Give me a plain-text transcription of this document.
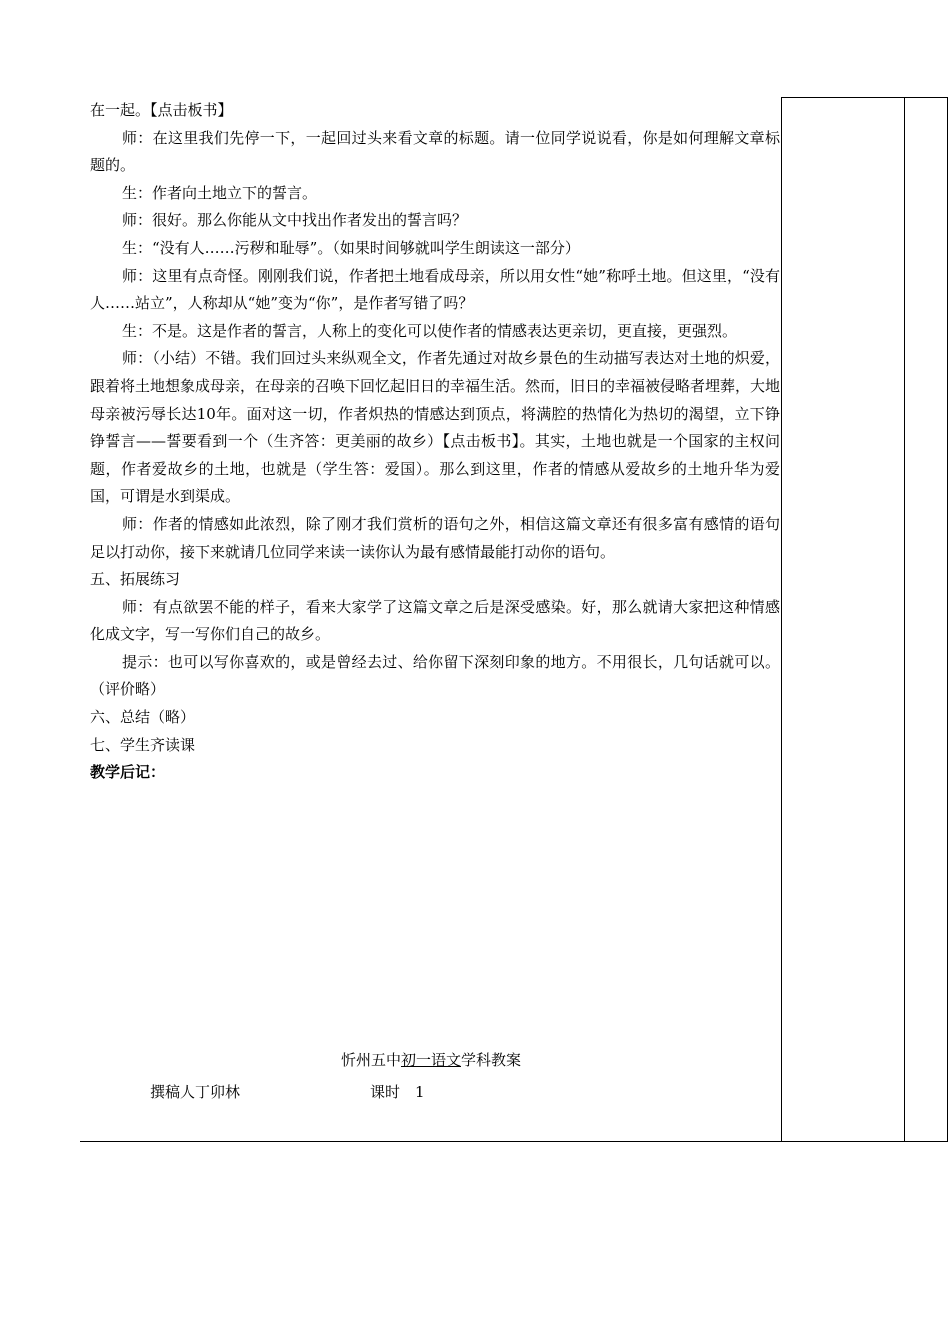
在一起。【点击板书】

师：在这里我们先停一下，一起回过头来看文章的标题。请一位同学说说看，你是如何理解文章标题的。

生：作者向土地立下的誓言。

师：很好。那么你能从文中找出作者发出的誓言吗？

生：“没有人……污秽和耻辱”。（如果时间够就叫学生朗读这一部分）

师：这里有点奇怪。刚刚我们说，作者把土地看成母亲，所以用女性“她”称呼土地。但这里，“没有人……站立”，人称却从“她”变为“你”，是作者写错了吗？

生：不是。这是作者的誓言，人称上的变化可以使作者的情感表达更亲切，更直接，更强烈。

师：（小结）不错。我们回过头来纵观全文，作者先通过对故乡景色的生动描写表达对土地的炽爱，跟着将土地想象成母亲，在母亲的召唤下回忆起旧日的幸福生活。然而，旧日的幸福被侵略者埋葬，大地母亲被污辱长达10年。面对这一切，作者炽热的情感达到顶点，将满腔的热情化为热切的渴望，立下铮铮誓言——誓要看到一个（生齐答：更美丽的故乡）【点击板书】。其实，土地也就是一个国家的主权问题，作者爱故乡的土地，也就是（学生答：爱国）。那么到这里，作者的情感从爱故乡的土地升华为爱国，可谓是水到渠成。

师：作者的情感如此浓烈，除了刚才我们赏析的语句之外，相信这篇文章还有很多富有感情的语句足以打动你，接下来就请几位同学来读一读你认为最有感情最能打动你的语句。

五、拓展练习

师：有点欲罢不能的样子，看来大家学了这篇文章之后是深受感染。好，那么就请大家把这种情感化成文字，写一写你们自己的故乡。

提示：也可以写你喜欢的，或是曾经去过、给你留下深刻印象的地方。不用很长，几句话就可以。（评价略）

六、总结（略）

七、学生齐读课

教学后记：

忻州五中初一语文学科教案
撰稿人丁卯林	课时　1
